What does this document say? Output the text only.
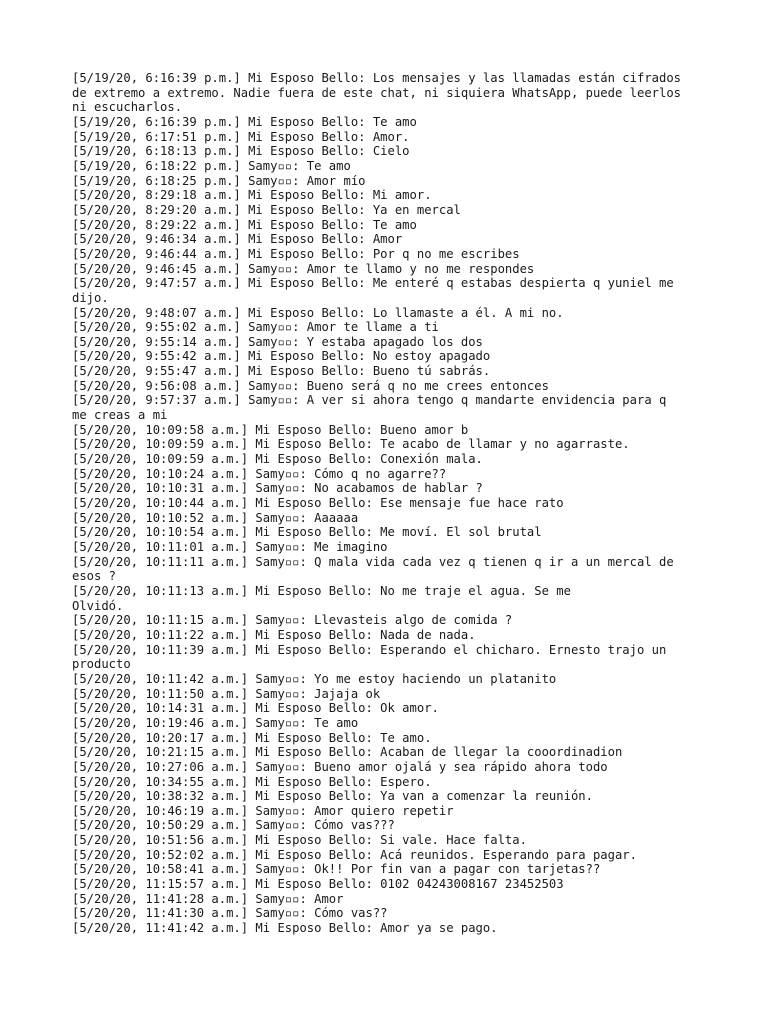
[5/19/20, 6:16:39 p.m.] Mi Esposo Bello: Los mensajes y las llamadas están cifrados
de extremo a extremo. Nadie fuera de este chat, ni siquiera WhatsApp, puede leerlos
ni escucharlos.

[5/19/20, 6:16:39 p.m.] Mi Esposo Bello: Te amo

[5/19/20, 6:17:51 p.m.] Mi Esposo Bello: Amor.

[5/19/20, 6:18:13 p.m.] Mi Esposo Bello: Cielo

[5/19/20, 6:18:22 p.m.] Samy▫▫: Te amo

[5/19/20, 6:18:25 p.m.] Samy▫▫: Amor mío

[5/20/20, 8:29:18 a.m.] Mi Esposo Bello: Mi amor.

[5/20/20, 8:29:20 a.m.] Mi Esposo Bello: Ya en mercal

[5/20/20, 8:29:22 a.m.] Mi Esposo Bello: Te amo

[5/20/20, 9:46:34 a.m.] Mi Esposo Bello: Amor

[5/20/20, 9:46:44 a.m.] Mi Esposo Bello: Por q no me escribes

[5/20/20, 9:46:45 a.m.] Samy▫▫: Amor te llamo y no me respondes

[5/20/20, 9:47:57 a.m.] Mi Esposo Bello: Me enteré q estabas despierta q yuniel me
dijo.

[5/20/20, 9:48:07 a.m.] Mi Esposo Bello: Lo llamaste a él. A mi no.

[5/20/20, 9:55:02 a.m.] Samy▫▫: Amor te llame a ti

[5/20/20, 9:55:14 a.m.] Samy▫▫: Y estaba apagado los dos

[5/20/20, 9:55:42 a.m.] Mi Esposo Bello: No estoy apagado

[5/20/20, 9:55:47 a.m.] Mi Esposo Bello: Bueno tú sabrás.

[5/20/20, 9:56:08 a.m.] Samy▫▫: Bueno será q no me crees entonces

[5/20/20, 9:57:37 a.m.] Samy▫▫: A ver si ahora tengo q mandarte envidencia para q
me creas a mi

[5/20/20, 10:09:58 a.m.] Mi Esposo Bello: Bueno amor b

[5/20/20, 10:09:59 a.m.] Mi Esposo Bello: Te acabo de llamar y no agarraste.

[5/20/20, 10:09:59 a.m.] Mi Esposo Bello: Conexión mala.

[5/20/20, 10:10:24 a.m.] Samy▫▫: Cómo q no agarre??

[5/20/20, 10:10:31 a.m.] Samy▫▫: No acabamos de hablar ?

[5/20/20, 10:10:44 a.m.] Mi Esposo Bello: Ese mensaje fue hace rato

[5/20/20, 10:10:52 a.m.] Samy▫▫: Aaaaaa

[5/20/20, 10:10:54 a.m.] Mi Esposo Bello: Me moví. El sol brutal

[5/20/20, 10:11:01 a.m.] Samy▫▫: Me imagino

[5/20/20, 10:11:11 a.m.] Samy▫▫: Q mala vida cada vez q tienen q ir a un mercal de
esos ?

[5/20/20, 10:11:13 a.m.] Mi Esposo Bello: No me traje el agua. Se me
Olvidó.

[5/20/20, 10:11:15 a.m.] Samy▫▫: Llevasteis algo de comida ?

[5/20/20, 10:11:22 a.m.] Mi Esposo Bello: Nada de nada.

[5/20/20, 10:11:39 a.m.] Mi Esposo Bello: Esperando el chicharo. Ernesto trajo un
producto

[5/20/20, 10:11:42 a.m.] Samy▫▫: Yo me estoy haciendo un platanito

[5/20/20, 10:11:50 a.m.] Samy▫▫: Jajaja ok

[5/20/20, 10:14:31 a.m.] Mi Esposo Bello: Ok amor.

[5/20/20, 10:19:46 a.m.] Samy▫▫: Te amo

[5/20/20, 10:20:17 a.m.] Mi Esposo Bello: Te amo.

[5/20/20, 10:21:15 a.m.] Mi Esposo Bello: Acaban de llegar la cooordinadion

[5/20/20, 10:27:06 a.m.] Samy▫▫: Bueno amor ojalá y sea rápido ahora todo

[5/20/20, 10:34:55 a.m.] Mi Esposo Bello: Espero.

[5/20/20, 10:38:32 a.m.] Mi Esposo Bello: Ya van a comenzar la reunión.

[5/20/20, 10:46:19 a.m.] Samy▫▫: Amor quiero repetir

[5/20/20, 10:50:29 a.m.] Samy▫▫: Cómo vas???

[5/20/20, 10:51:56 a.m.] Mi Esposo Bello: Si vale. Hace falta.

[5/20/20, 10:52:02 a.m.] Mi Esposo Bello: Acá reunidos. Esperando para pagar.

[5/20/20, 10:58:41 a.m.] Samy▫▫: Ok!! Por fin van a pagar con tarjetas??

[5/20/20, 11:15:57 a.m.] Mi Esposo Bello: 0102 04243008167 23452503

[5/20/20, 11:41:28 a.m.] Samy▫▫: Amor

[5/20/20, 11:41:30 a.m.] Samy▫▫: Cómo vas??

[5/20/20, 11:41:42 a.m.] Mi Esposo Bello: Amor ya se pago.
